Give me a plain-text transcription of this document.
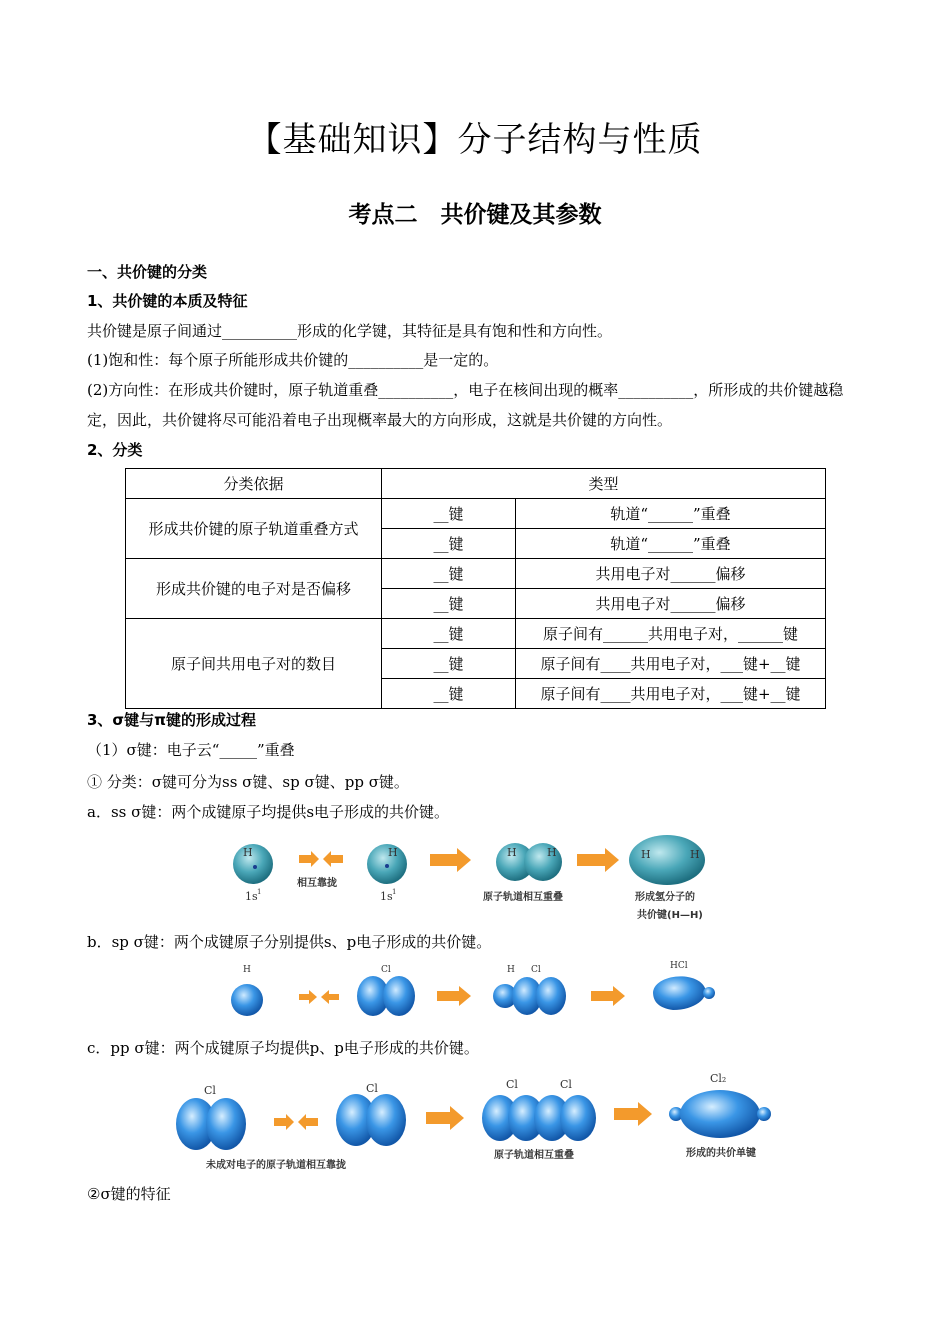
【基础知识】分子结构与性质
考点二　共价键及其参数
一、共价键的分类
1、共价键的本质及特征
共价键是原子间通过__________形成的化学键，其特征是具有饱和性和方向性。
(1)饱和性：每个原子所能形成共价键的__________是一定的。
(2)方向性：在形成共价键时，原子轨道重叠__________，电子在核间出现的概率__________，所形成的共价键越稳定，因此，共价键将尽可能沿着电子出现概率最大的方向形成，这就是共价键的方向性。
2、分类
分类依据	类型	
形成共价键的原子轨道重叠方式	__键	轨道“______”重叠
	__键	轨道“______”重叠
形成共价键的电子对是否偏移	__键	共用电子对______偏移
	__键	共用电子对______偏移
原子间共用电子对的数目	__键	原子间有______共用电子对，______键
	__键	原子间有____共用电子对，___键+__键
	__键	原子间有____共用电子对，___键+__键
3、σ键与π键的形成过程
（1）σ键：电子云“_____”重叠
① 分类：σ键可分为ss σ键、sp σ键、pp σ键。
a．ss σ键：两个成键原子均提供s电子形成的共价键。
H
1s 1
相互靠拢
H
1s 1
H	H
原子轨道相互重叠
H	H
形成氢分子的
共价键(H—H)
b．sp σ键：两个成键原子分别提供s、p电子形成的共价键。
H	Cl	H Cl	HCl
c．pp σ键：两个成键原子均提供p、p电子形成的共价键。
Cl	Cl
未成对电子的原子轨道相互靠拢
Cl	Cl
原子轨道相互重叠
Cl₂
形成的共价单键
②σ键的特征
